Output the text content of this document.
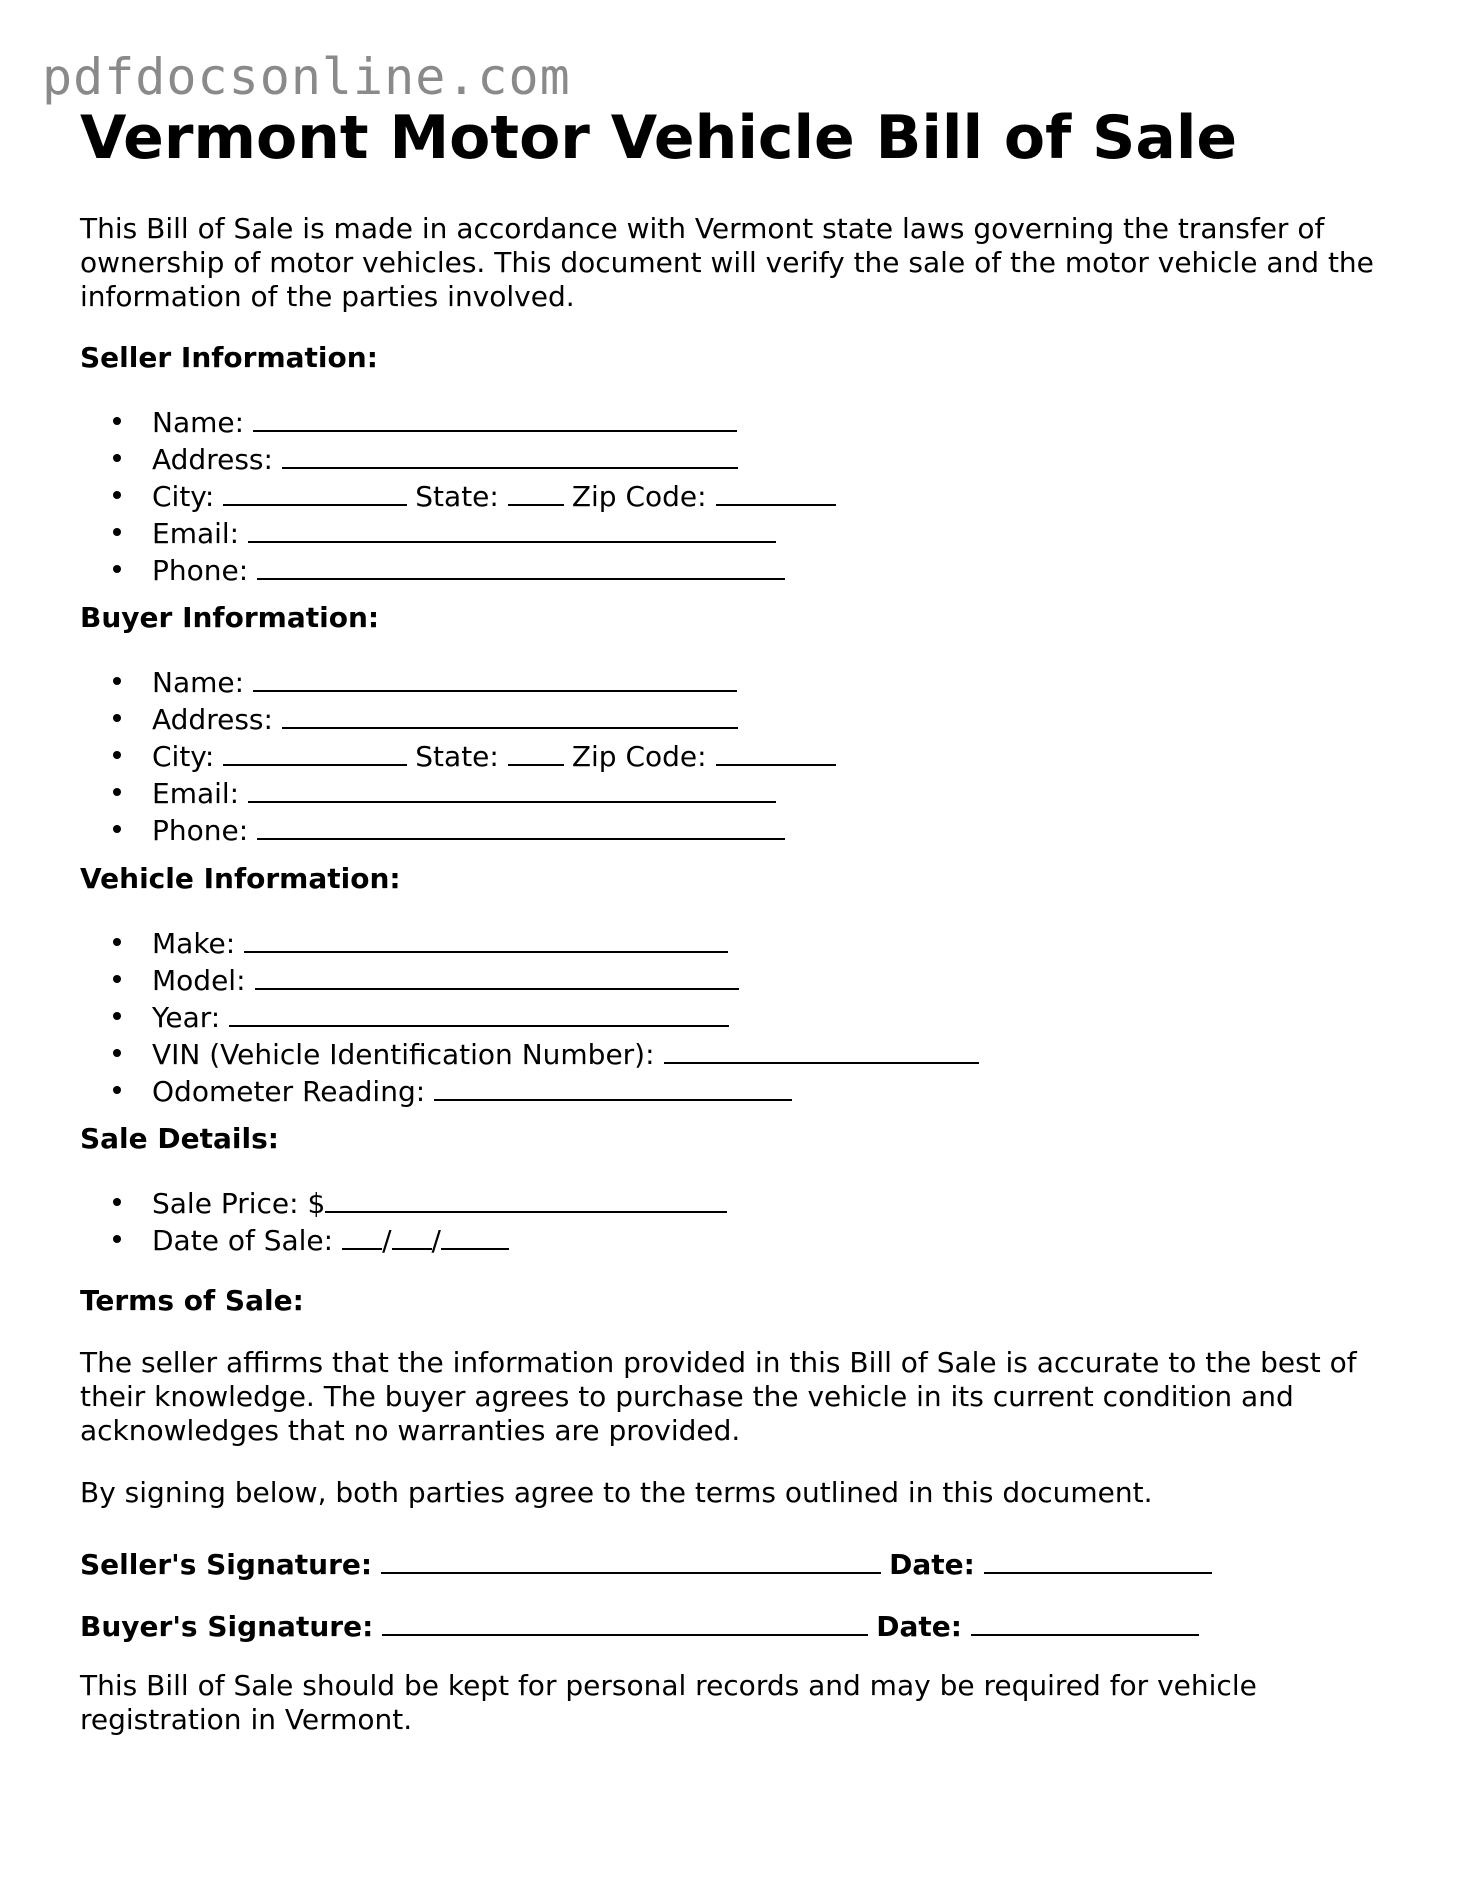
pdfdocsonline.com
Vermont Motor Vehicle Bill of Sale

This Bill of Sale is made in accordance with Vermont state laws governing the transfer of ownership of motor vehicles. This document will verify the sale of the motor vehicle and the information of the parties involved.

Seller Information:

Name:
Address:
City:	State:	Zip Code:
Email:
Phone:

Buyer Information:

Name:
Address:
City:	State:	Zip Code:
Email:
Phone:

Vehicle Information:

Make:
Model:
Year:
VIN (Vehicle Identification Number):
Odometer Reading:

Sale Details:

Sale Price: $
Date of Sale: / /

Terms of Sale:

The seller affirms that the information provided in this Bill of Sale is accurate to the best of their knowledge. The buyer agrees to purchase the vehicle in its current condition and acknowledges that no warranties are provided.

By signing below, both parties agree to the terms outlined in this document.

Seller's Signature:	Date:
Buyer's Signature:	Date:

This Bill of Sale should be kept for personal records and may be required for vehicle registration in Vermont.
